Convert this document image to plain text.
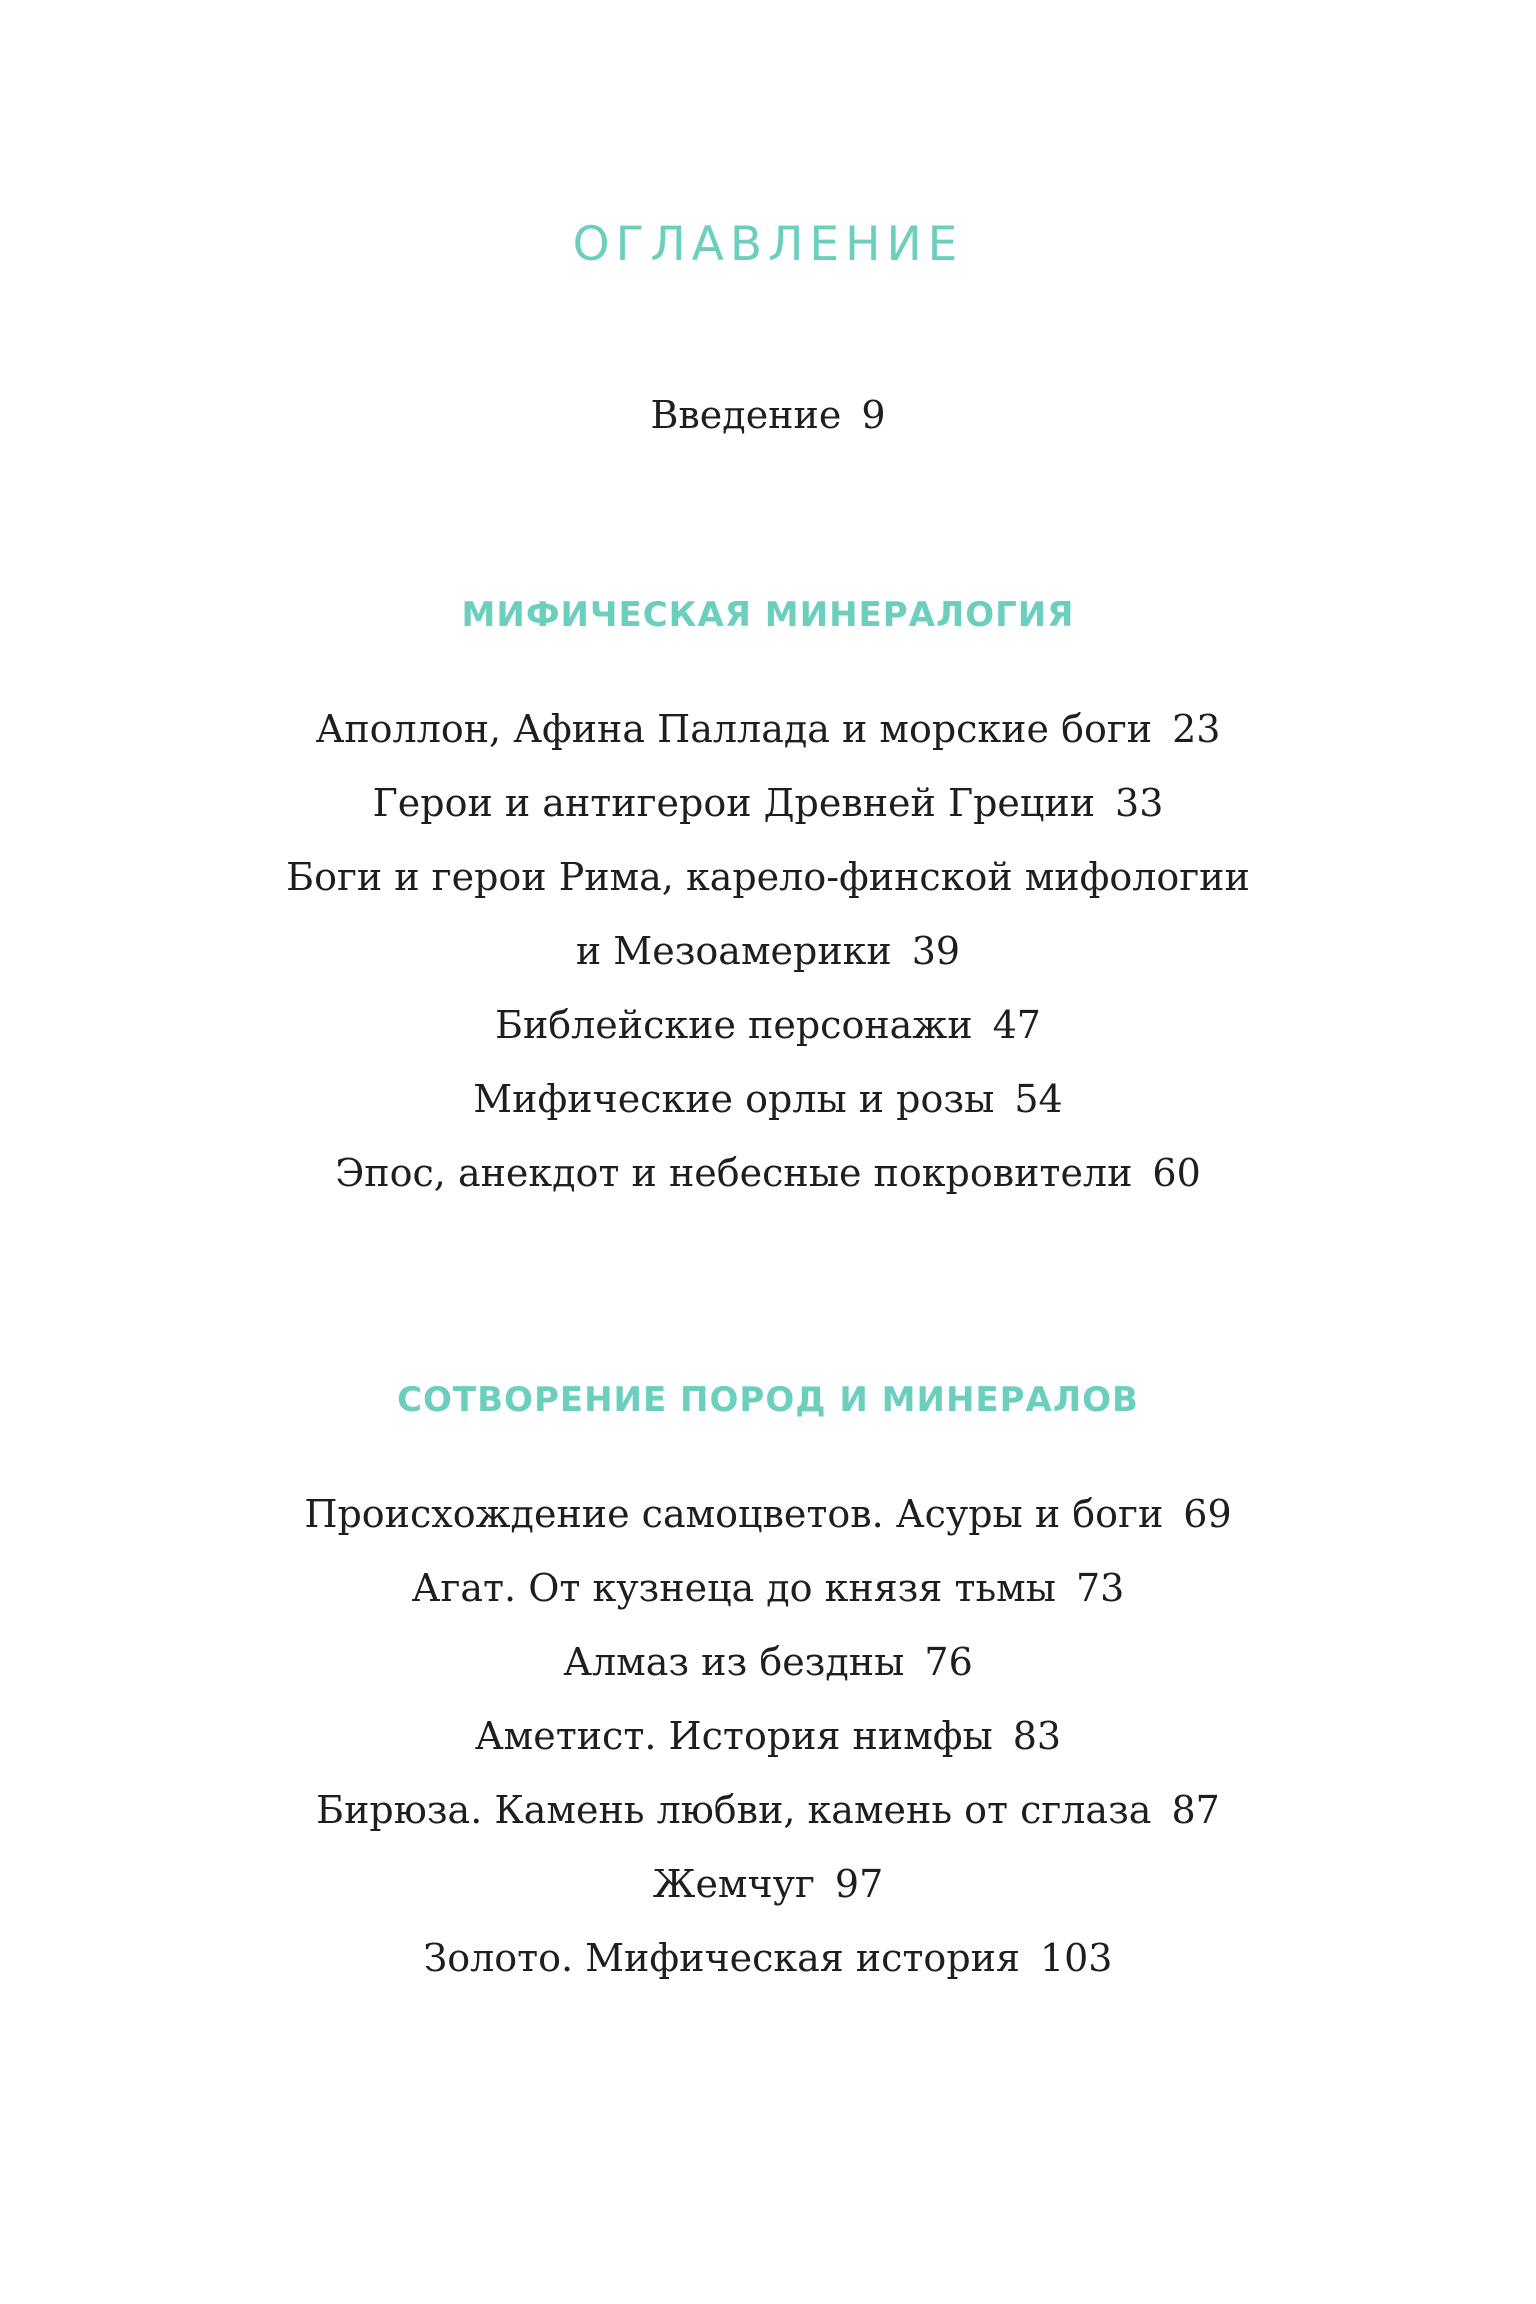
ОГЛАВЛЕНИЕ
Введение 9
МИФИЧЕСКАЯ МИНЕРАЛОГИЯ
Аполлон, Афина Паллада и морские боги 23
Герои и антигерои Древней Греции 33
Боги и герои Рима, карело-финской мифологии
и Мезоамерики 39
Библейские персонажи 47
Мифические орлы и розы 54
Эпос, анекдот и небесные покровители 60
СОТВОРЕНИЕ ПОРОД И МИНЕРАЛОВ
Происхождение самоцветов. Асуры и боги 69
Агат. От кузнеца до князя тьмы 73
Алмаз из бездны 76
Аметист. История нимфы 83
Бирюза. Камень любви, камень от сглаза 87
Жемчуг 97
Золото. Мифическая история 103
